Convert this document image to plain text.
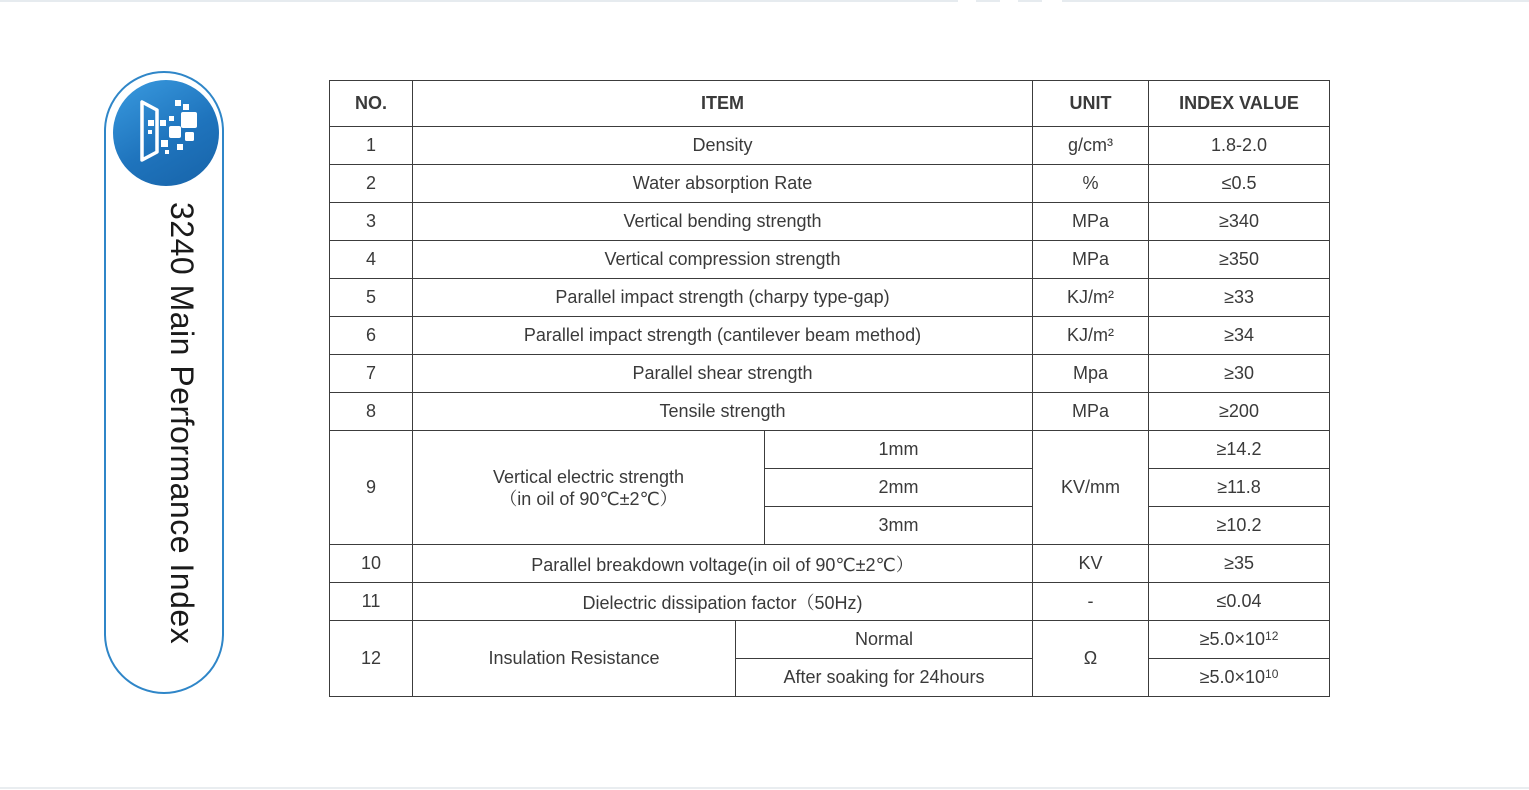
3240 Main Performance Index
NO.	ITEM			UNIT	INDEX VALUE
1	Density			g/cm³	1.8-2.0
2	Water absorption Rate			%	≤0.5
3	Vertical bending strength			MPa	≥340
4	Vertical compression strength			MPa	≥350
5	Parallel impact strength (charpy type-gap)			KJ/m²	≥33
6	Parallel impact strength (cantilever beam method)			KJ/m²	≥34
7	Parallel shear strength			Mpa	≥30
8	Tensile strength			MPa	≥200
9	Vertical electric strength
（in oil of 90℃±2℃）		1mm	KV/mm	≥14.2
			2mm		≥11.8
			3mm		≥10.2
10	Parallel breakdown voltage(in oil of 90℃±2℃）			KV	≥35
11	Dielectric dissipation factor（50Hz)			-	≤0.04
12	Insulation Resistance	Normal		Ω	$\ge 5.0\times 10^{12}$
		After soaking for 24hours			$\ge 5.0\times 10^{10}$
